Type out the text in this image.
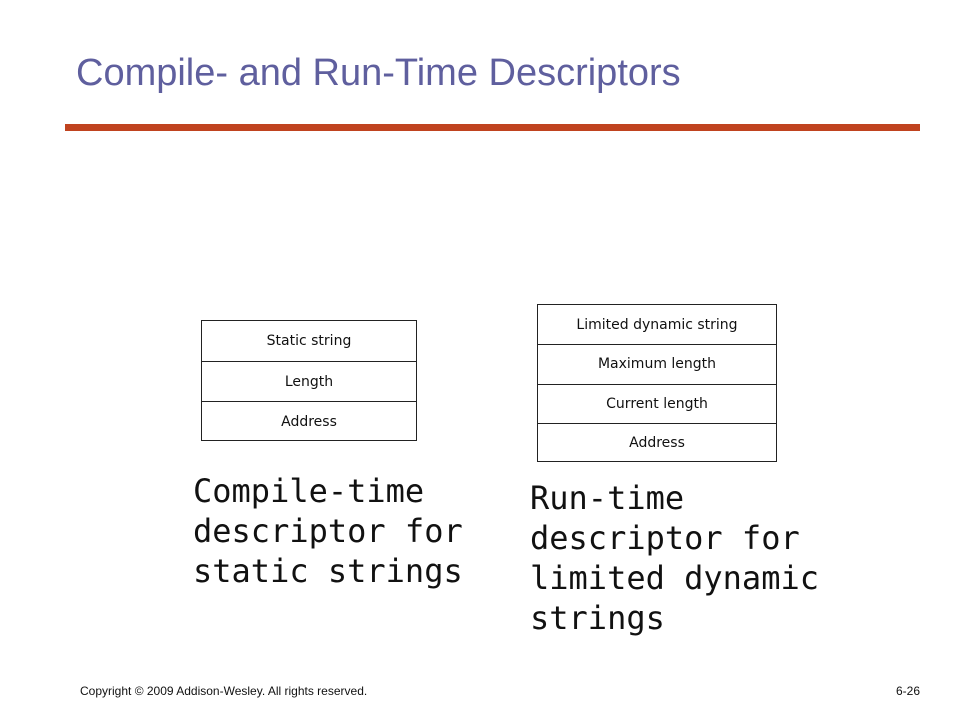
Compile- and Run-Time Descriptors
Static string
Length
Address
Limited dynamic string
Maximum length
Current length
Address

Compile-time
descriptor for
static strings

Run-time
descriptor for
limited dynamic
strings

Copyright © 2009 Addison-Wesley. All rights reserved.	6-26
